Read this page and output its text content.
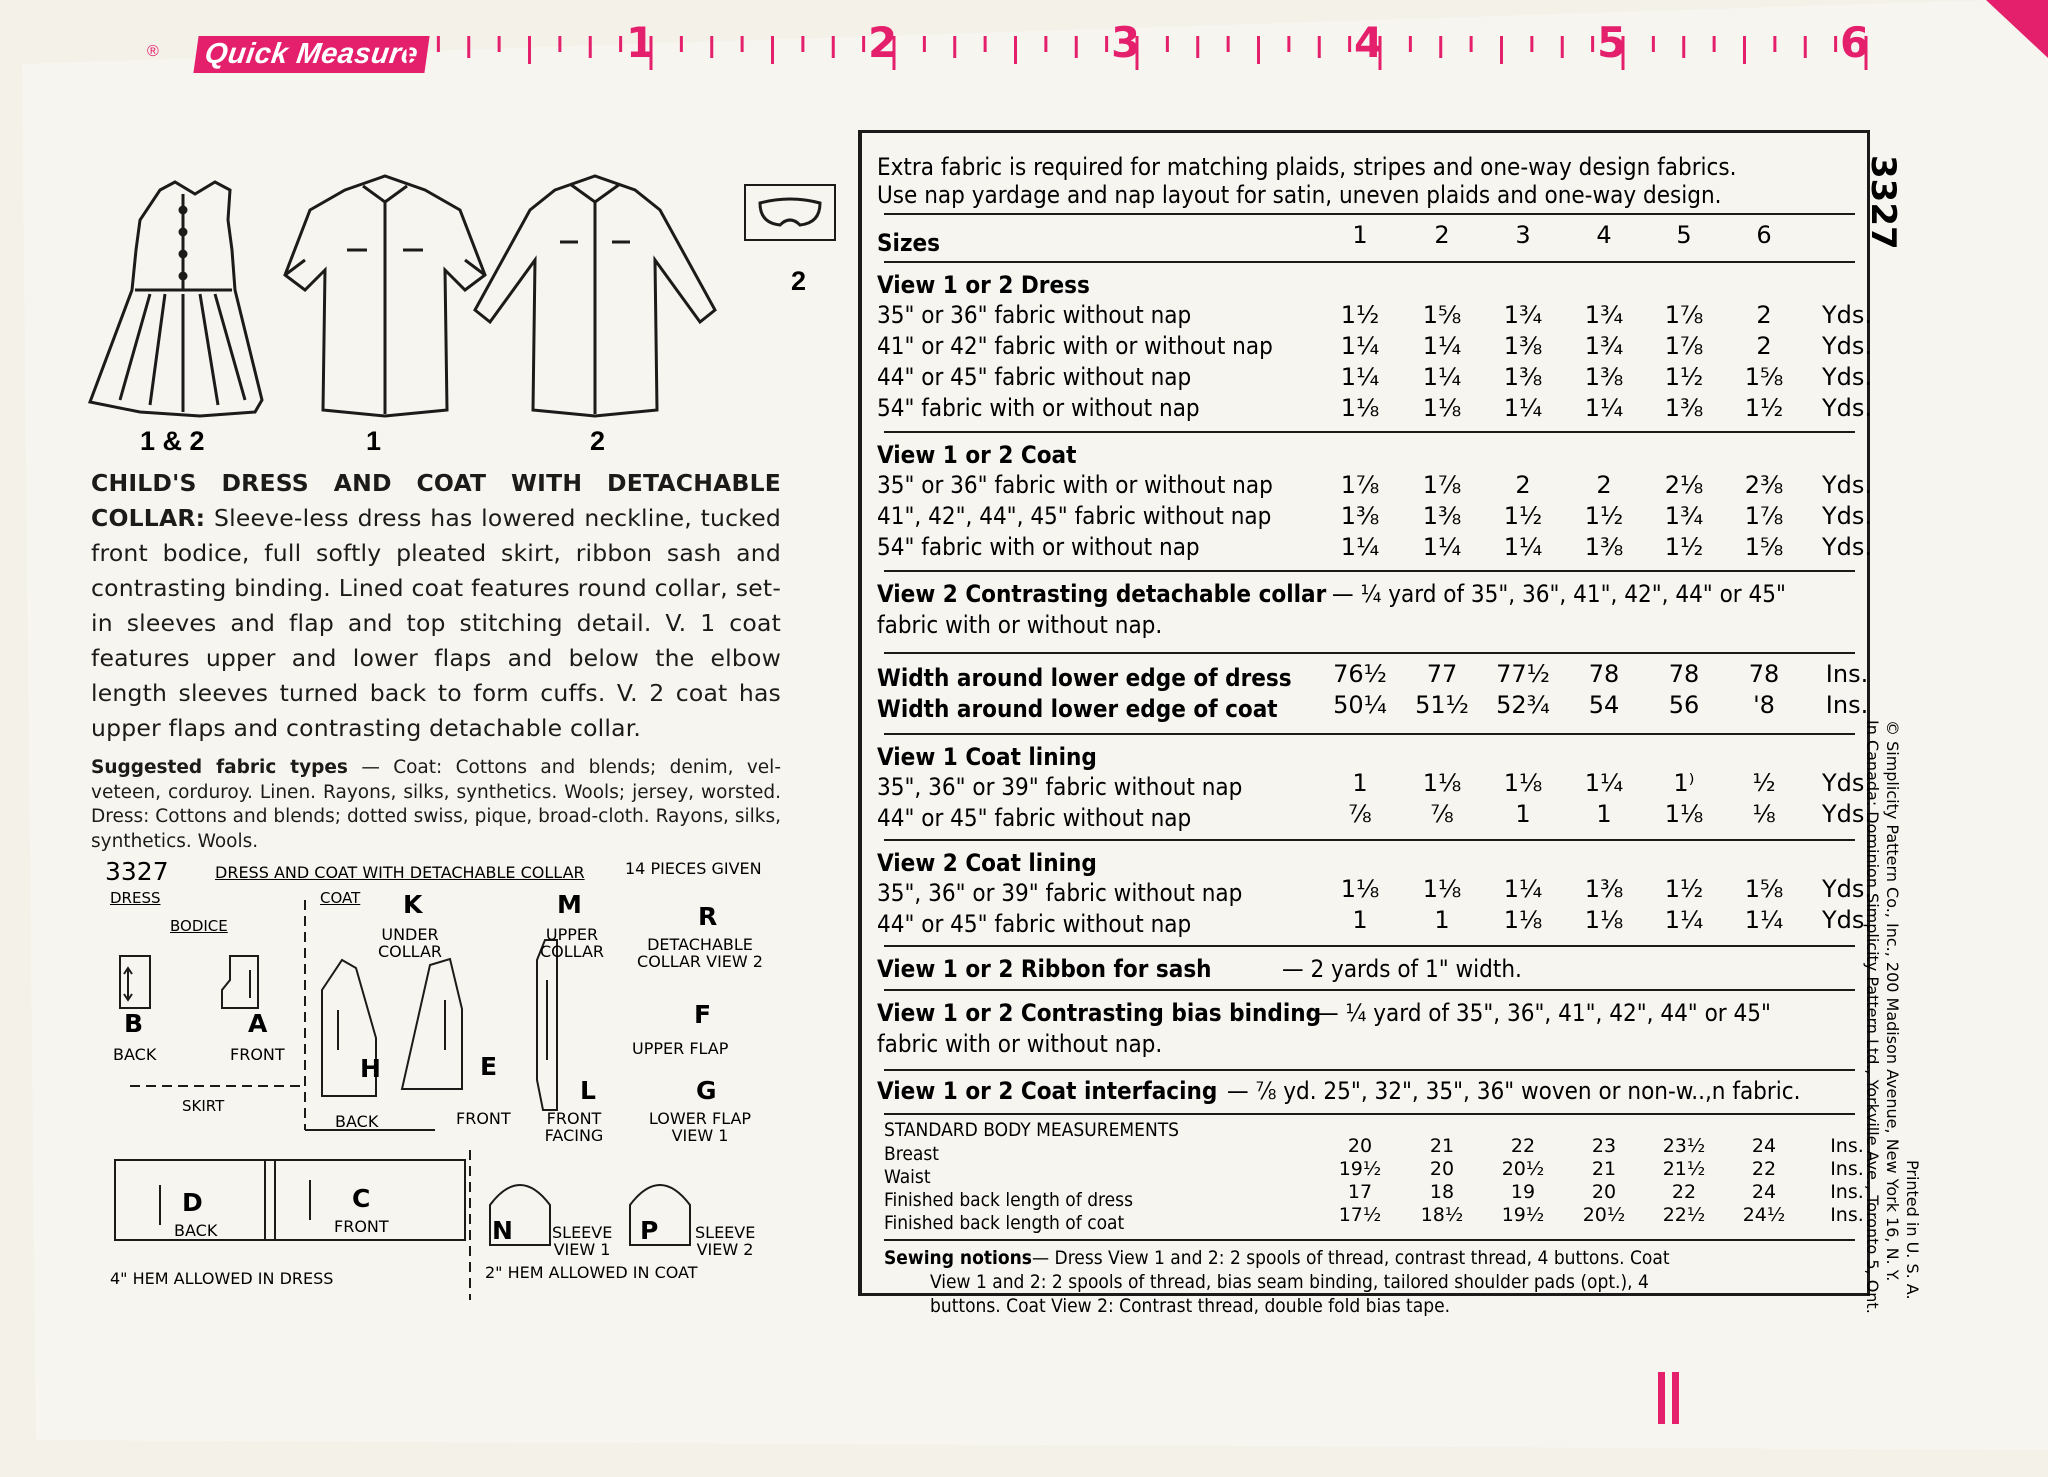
®	Quick Measure	1	2	3	4	5	6
1 & 2	1	2
2
CHILD'S DRESS AND COAT WITH DETACHABLE COLLAR: Sleeve-less dress has lowered neckline, tucked front bodice, full softly pleated skirt, ribbon sash and contrasting binding. Lined coat features round collar, set-in sleeves and flap and top stitching detail. V. 1 coat features upper and lower flaps and below the elbow length sleeves turned back to form cuffs. V. 2 coat has upper flaps and contrasting detachable collar.
Suggested fabric types — Coat: Cottons and blends; denim, vel-veteen, corduroy. Linen. Rayons, silks, synthetics. Wools; jersey, worsted. Dress: Cottons and blends; dotted swiss, pique, broad-cloth. Rayons, silks, synthetics. Wools.
3327
DRESS
DRESS AND COAT WITH DETACHABLE COLLAR	14 PIECES GIVEN
COAT
BODICE
SKIRT
B
BACK
A
FRONT	H
BACK
E
FRONT
L
FRONT FACING
K
UNDER COLLAR
M
UPPER COLLAR
R
DETACHABLE COLLAR VIEW 2
F
UPPER FLAP
G
LOWER FLAP VIEW 1
D
BACK
C
FRONT	N SLEEVE VIEW 1
P SLEEVE VIEW 2
4" HEM ALLOWED IN DRESS	2" HEM ALLOWED IN COAT
Extra fabric is required for matching plaids, stripes and one-way design fabrics.
Use nap yardage and nap layout for satin, uneven plaids and one-way design.
Sizes	1	2	3	4	5	6
View 1 or 2 Dress
35" or 36" fabric without nap	1½ 1⅝ 1¾ 1¾ 1⅞ 2 Yds.
41" or 42" fabric with or without nap	1¼ 1¼ 1⅜ 1¾ 1⅞ 2 Yds.
44" or 45" fabric without nap	1¼ 1¼ 1⅜ 1⅜ 1½ 1⅝ Yds.
54" fabric with or without nap	1⅛ 1⅛ 1¼ 1¼ 1⅜ 1½ Yds.
View 1 or 2 Coat
35" or 36" fabric with or without nap	1⅞ 1⅞ 2	2 2⅛ 2⅜ Yds.
41", 42", 44", 45" fabric without nap	1⅜ 1⅜ 1½ 1½ 1¾ 1⅞ Yds.
54" fabric with or without nap	1¼ 1¼ 1¼ 1⅜ 1½ 1⅝ Yds.
View 2 Contrasting detachable collar — ¼ yard of 35", 36", 41", 42", 44" or 45"
fabric with or without nap.
Width around lower edge of dress 76½ 77 77½ 78 78 78 Ins.
Width around lower edge of coat 50¼ 51½ 52¾ 54 56 '8 Ins.
View 1 Coat lining
35", 36" or 39" fabric without nap	1 1⅛ 1⅛ 1¼ 1⁾ ½ Yds.
44" or 45" fabric without nap	⅞ ⅞	1	1 1⅛ ⅛ Yds.
View 2 Coat lining
35", 36" or 39" fabric without nap	1⅛ 1⅛ 1¼ 1⅜ 1½ 1⅝ Yds.
44" or 45" fabric without nap	1	1 1⅛ 1⅛ 1¼ 1¼ Yds.
View 1 or 2 Ribbon for sash	— 2 yards of 1" width.
View 1 or 2 Contrasting bias binding
— ¼ yard of 35", 36", 41", 42", 44" or 45"
fabric with or without nap.
View 1 or 2 Coat interfacing — ⅞ yd. 25", 32", 35", 36" woven or non-w..,n fabric.
STANDARD BODY MEASUREMENTS
Breast	20	21	22	23 23½ 24	Ins.
Waist	19½	20	20½	21 21½ 22	Ins.
Finished back length of dress	17	18	19	20	22	24	Ins.
Finished back length of coat	17½ 18½ 19½ 20½ 22½ 24½ Ins.
Sewing notions — Dress View 1 and 2: 2 spools of thread, contrast thread, 4 buttons. Coat
View 1 and 2: 2 spools of thread, bias seam binding, tailored shoulder pads (opt.), 4
buttons. Coat View 2: Contrast thread, double fold bias tape.
3327
© Simplicity Pattern Co., Inc., 200 Madison Avenue, New York 16, N. Y.
In Canada: Dominion Simplicity Pattern Ltd., Yorkville Ave., Toronto 5, Ont. Printed in U. S. A.
